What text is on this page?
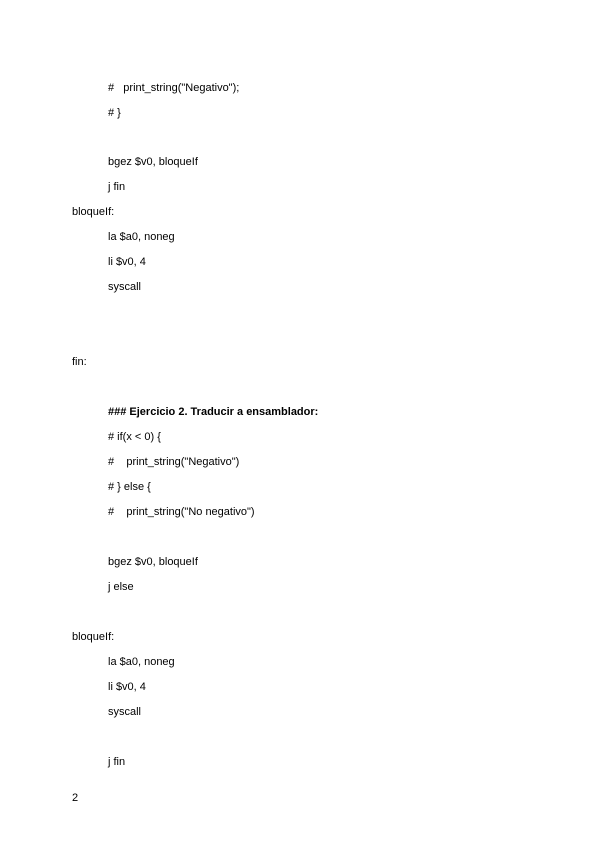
#   print_string("Negativo");
# }
bgez $v0, bloqueIf
j fin
bloqueIf:
la $a0, noneg
li $v0, 4
syscall
fin:
### Ejercicio 2. Traducir a ensamblador:
# if(x < 0) {
#    print_string("Negativo")
# } else {
#    print_string("No negativo")
bgez $v0, bloqueIf
j else
bloqueIf:
la $a0, noneg
li $v0, 4
syscall
j fin
2
